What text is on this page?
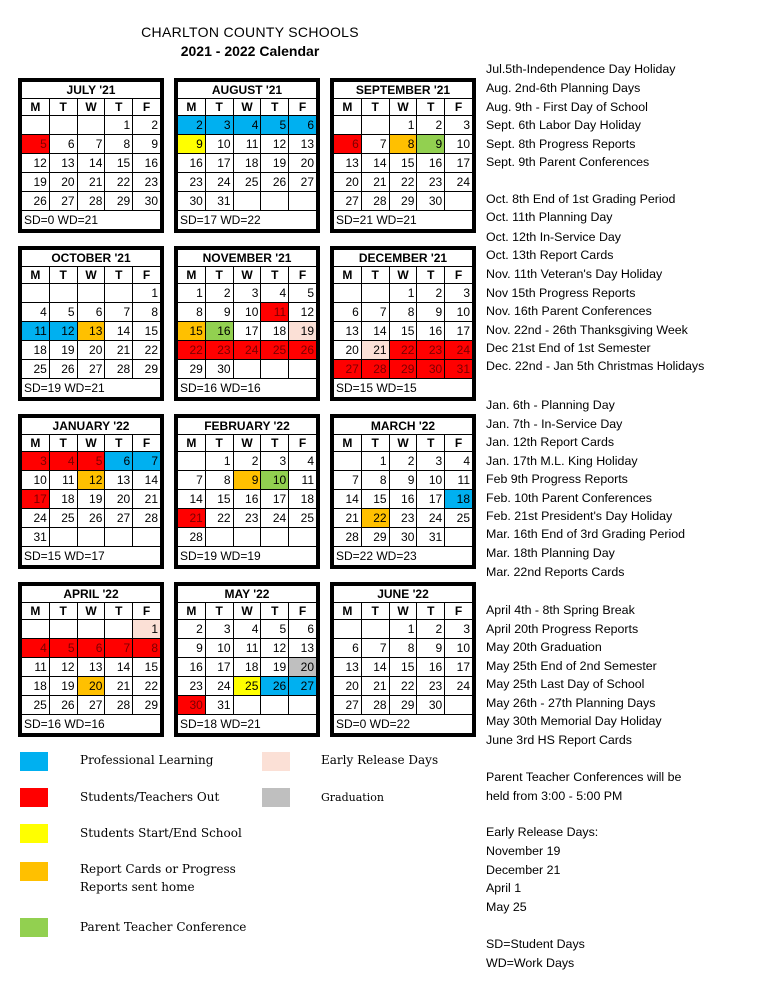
CHARLTON COUNTY SCHOOLS
2021 - 2022 Calendar
JULY '21				
M	T	W	T	F
			1	2
5	6	7	8	9
12	13	14	15	16
19	20	21	22	23
26	27	28	29	30
SD=0 WD=21				
AUGUST '21				
M	T	W	T	F
2	3	4	5	6
9	10	11	12	13
16	17	18	19	20
23	24	25	26	27
30	31			
SD=17 WD=22				
SEPTEMBER '21				
M	T	W	T	F
		1	2	3
6	7	8	9	10
13	14	15	16	17
20	21	22	23	24
27	28	29	30	
SD=21 WD=21				
OCTOBER '21				
M	T	W	T	F
				1
4	5	6	7	8
11	12	13	14	15
18	19	20	21	22
25	26	27	28	29
SD=19 WD=21				
NOVEMBER '21				
M	T	W	T	F
1	2	3	4	5
8	9	10	11	12
15	16	17	18	19
22	23	24	25	26
29	30			
SD=16 WD=16				
DECEMBER '21				
M	T	W	T	F
		1	2	3
6	7	8	9	10
13	14	15	16	17
20	21	22	23	24
27	28	29	30	31
SD=15 WD=15				
JANUARY '22				
M	T	W	T	F
3	4	5	6	7
10	11	12	13	14
17	18	19	20	21
24	25	26	27	28
31				
SD=15 WD=17				
FEBRUARY '22				
M	T	W	T	F
	1	2	3	4
7	8	9	10	11
14	15	16	17	18
21	22	23	24	25
28				
SD=19 WD=19				
MARCH '22				
M	T	W	T	F
	1	2	3	4
7	8	9	10	11
14	15	16	17	18
21	22	23	24	25
28	29	30	31	
SD=22 WD=23				
APRIL '22				
M	T	W	T	F
				1
4	5	6	7	8
11	12	13	14	15
18	19	20	21	22
25	26	27	28	29
SD=16 WD=16				
MAY '22				
M	T	W	T	F
2	3	4	5	6
9	10	11	12	13
16	17	18	19	20
23	24	25	26	27
30	31			
SD=18 WD=21				
JUNE '22				
M	T	W	T	F
		1	2	3
6	7	8	9	10
13	14	15	16	17
20	21	22	23	24
27	28	29	30	
SD=0 WD=22				
Jul.5th-Independence Day Holiday
Aug. 2nd-6th Planning Days
Aug. 9th - First Day of School
Sept. 6th Labor Day Holiday
Sept. 8th Progress Reports
Sept. 9th Parent Conferences
Oct. 8th End of 1st Grading Period
Oct. 11th Planning Day
Oct. 12th In-Service Day
Oct. 13th Report Cards
Nov. 11th Veteran's Day Holiday
Nov 15th Progress Reports
Nov. 16th Parent Conferences
Nov. 22nd - 26th Thanksgiving Week
Dec 21st End of 1st Semester
Dec. 22nd - Jan 5th Christmas Holidays
Jan. 6th - Planning Day
Jan. 7th - In-Service Day
Jan. 12th Report Cards
Jan. 17th M.L. King Holiday
Feb 9th Progress Reports
Feb. 10th Parent Conferences
Feb. 21st President's Day Holiday
Mar. 16th End of 3rd Grading Period
Mar. 18th Planning Day
Mar. 22nd Reports Cards
April 4th - 8th Spring Break
April 20th Progress Reports
May 20th Graduation
May 25th End of 2nd Semester
May 25th Last Day of School
May 26th - 27th Planning Days
May 30th Memorial Day Holiday
June 3rd HS Report Cards
Parent Teacher Conferences will be
held from 3:00 - 5:00 PM
Early Release Days:
November 19
December 21
April 1
May 25
SD=Student Days
WD=Work Days
Professional Learning
Students/Teachers Out
Students Start/End School
Report Cards or Progress
Reports sent home
Parent Teacher Conference
Early Release Days
Graduation
